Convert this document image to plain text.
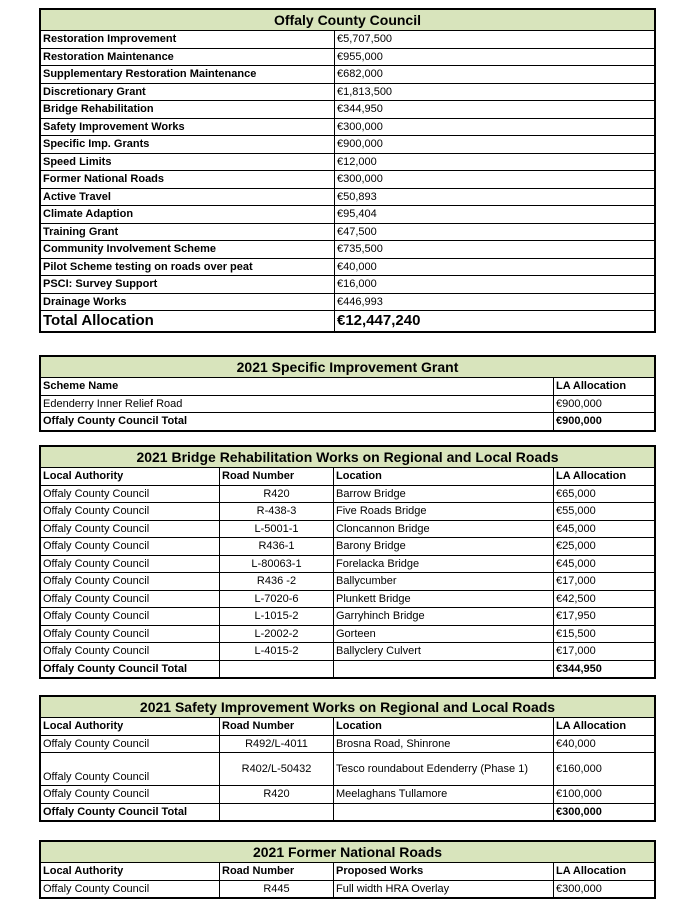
Offaly County Council	
Restoration Improvement	€5,707,500
Restoration Maintenance	€955,000
Supplementary Restoration Maintenance	€682,000
Discretionary Grant	€1,813,500
Bridge Rehabilitation	€344,950
Safety Improvement Works	€300,000
Specific Imp. Grants	€900,000
Speed Limits	€12,000
Former National Roads	€300,000
Active Travel	€50,893
Climate Adaption	€95,404
Training Grant	€47,500
Community Involvement Scheme	€735,500
Pilot Scheme testing on roads over peat	€40,000
PSCI: Survey Support	€16,000
Drainage Works	€446,993
Total Allocation	€12,447,240
2021 Specific Improvement Grant	
Scheme Name	LA Allocation
Edenderry Inner Relief Road	€900,000
Offaly County Council Total	€900,000
2021 Bridge Rehabilitation Works on Regional and Local Roads			
Local Authority	Road Number	Location	LA Allocation
Offaly County Council	R420	Barrow Bridge	€65,000
Offaly County Council	R-438-3	Five Roads Bridge	€55,000
Offaly County Council	L-5001-1	Cloncannon Bridge	€45,000
Offaly County Council	R436-1	Barony Bridge	€25,000
Offaly County Council	L-80063-1	Forelacka Bridge	€45,000
Offaly County Council	R436 -2	Ballycumber	€17,000
Offaly County Council	L-7020-6	Plunkett Bridge	€42,500
Offaly County Council	L-1015-2	Garryhinch Bridge	€17,950
Offaly County Council	L-2002-2	Gorteen	€15,500
Offaly County Council	L-4015-2	Ballyclery Culvert	€17,000
Offaly County Council Total			€344,950
2021 Safety Improvement Works on Regional and Local Roads			
Local Authority	Road Number	Location	LA Allocation
Offaly County Council	R492/L-4011	Brosna Road, Shinrone	€40,000
Offaly County Council	R402/L-50432	Tesco roundabout Edenderry (Phase 1)	€160,000
Offaly County Council	R420	Meelaghans Tullamore	€100,000
Offaly County Council Total			€300,000
2021 Former National Roads			
Local Authority	Road Number	Proposed Works	LA Allocation
Offaly County Council	R445	Full width HRA Overlay	€300,000
